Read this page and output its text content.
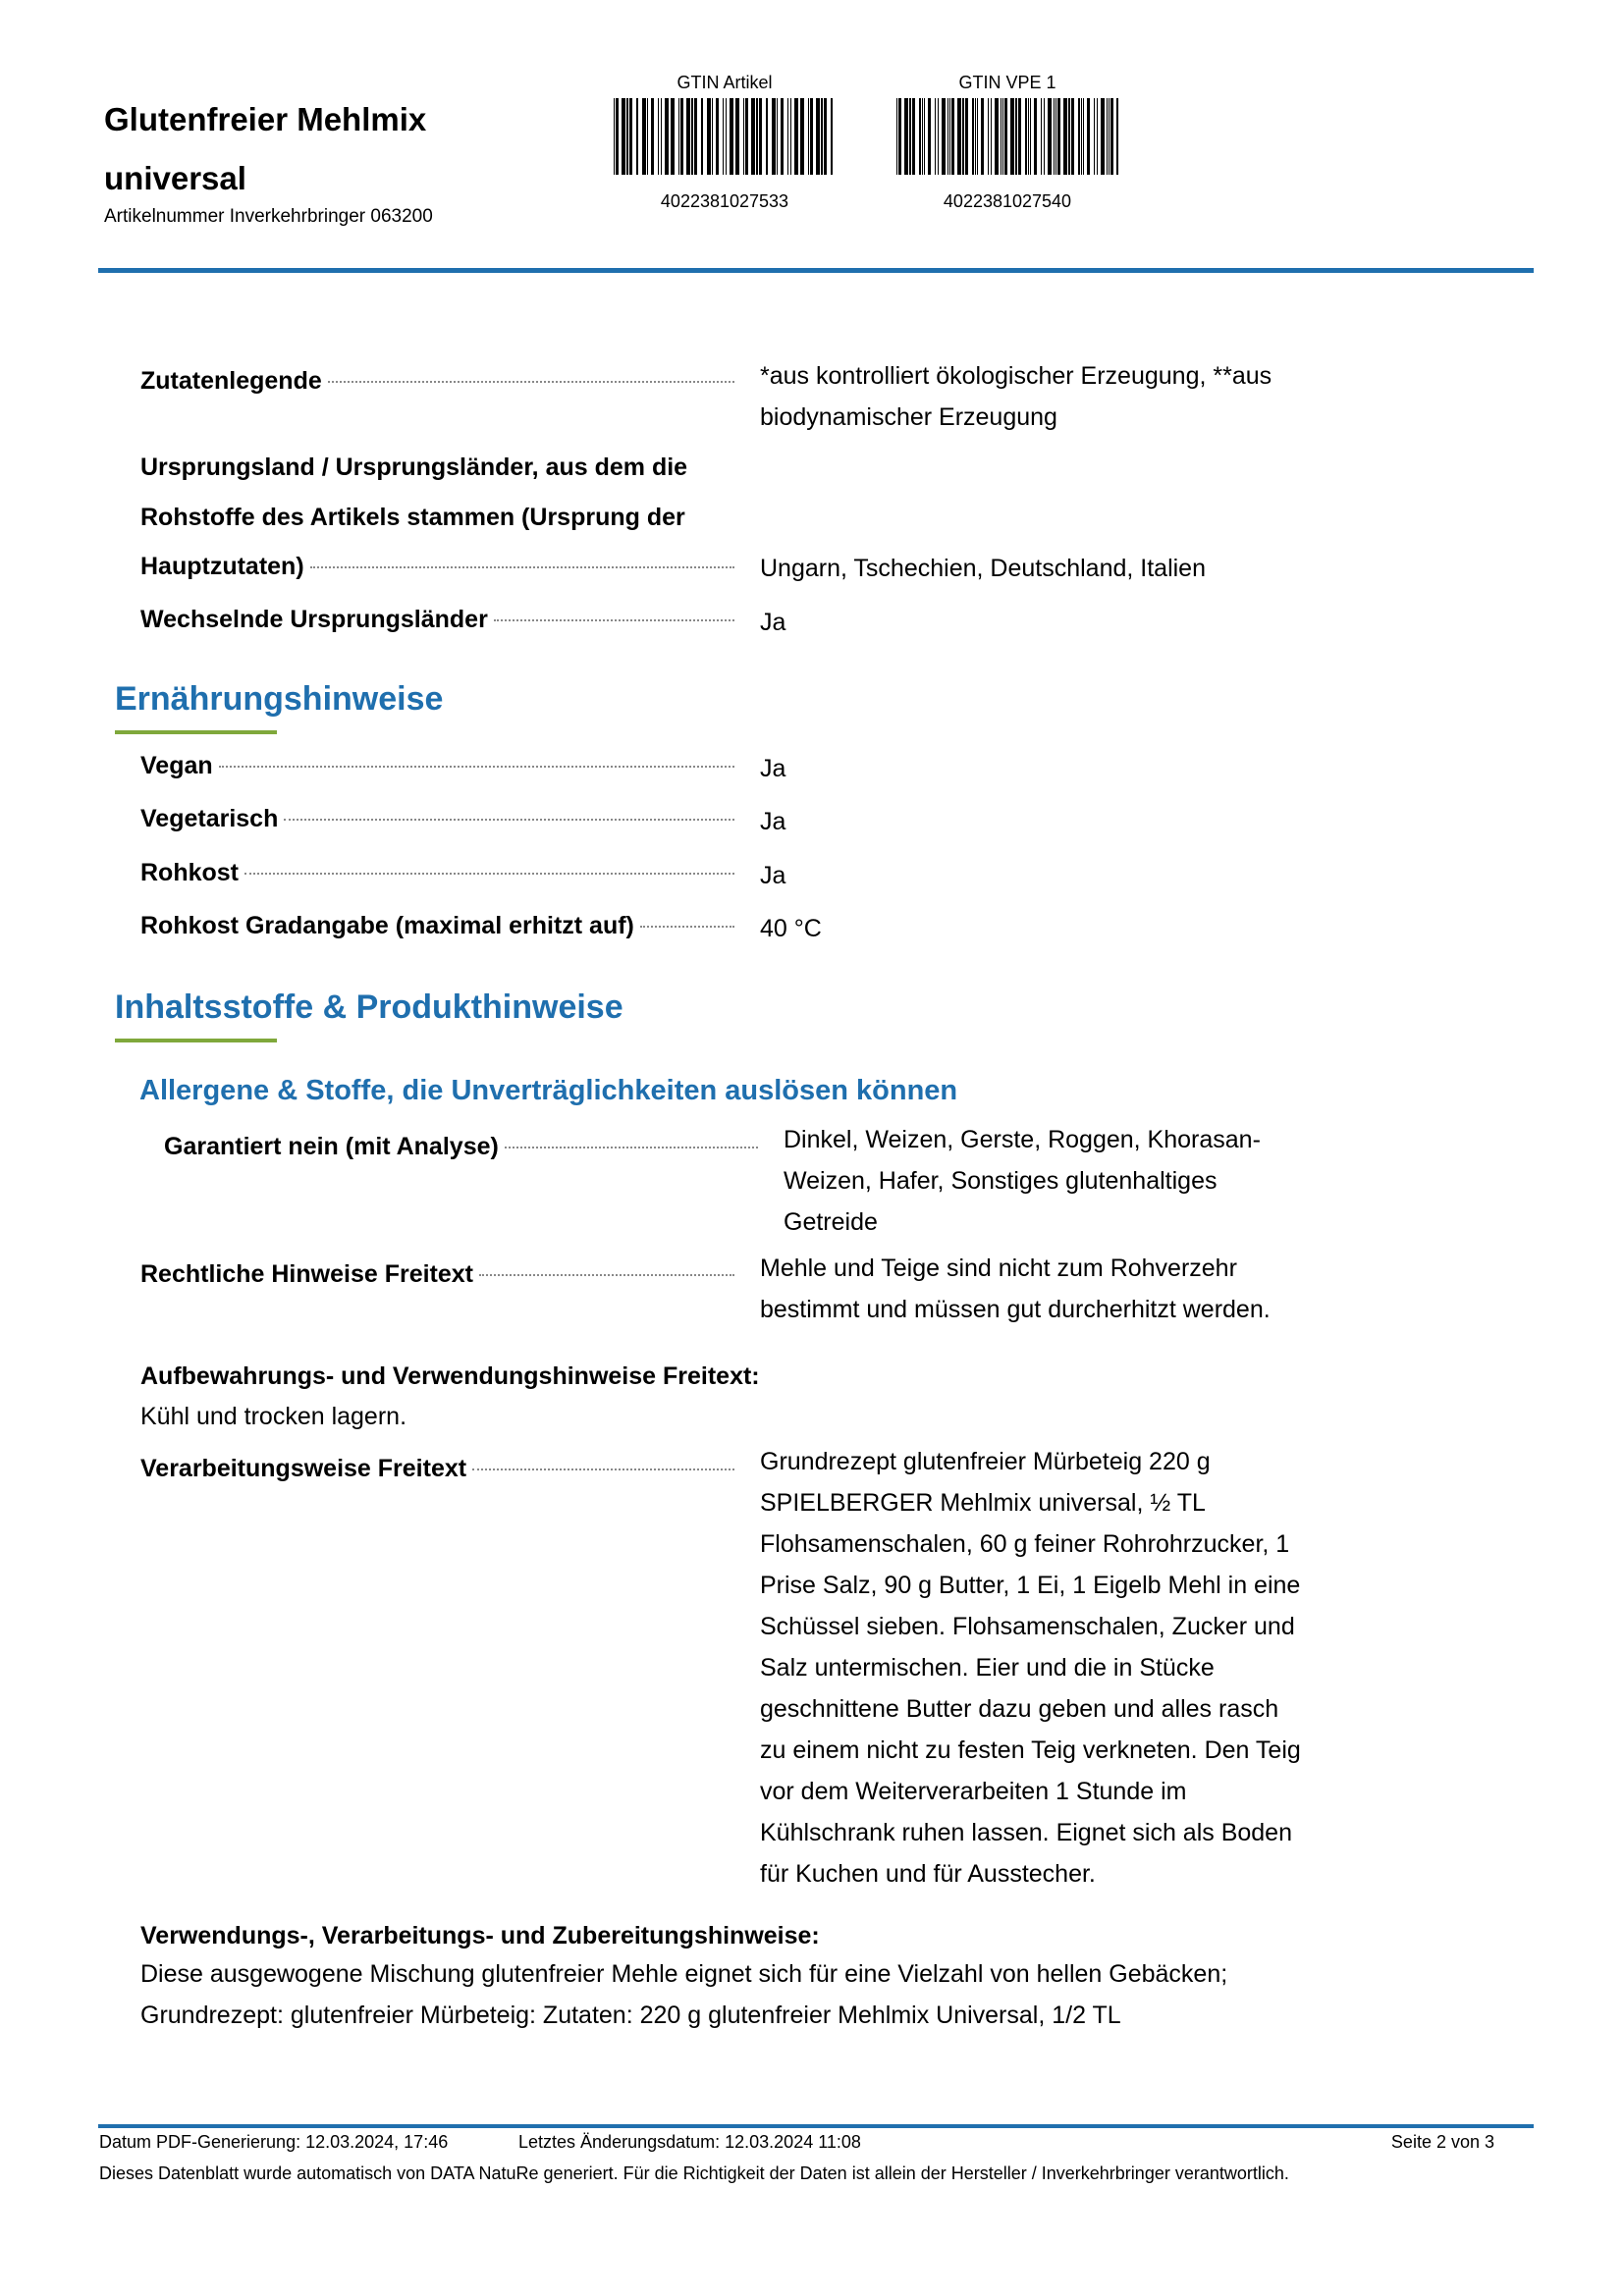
Glutenfreier Mehlmix
universal
Artikelnummer Inverkehrbringer 063200
GTIN Artikel
4022381027533
GTIN VPE 1
4022381027540
Zutatenlegende	*aus kontrolliert ökologischer Erzeugung, **aus
biodynamischer Erzeugung
Ursprungsland / Ursprungsländer, aus dem die
Rohstoffe des Artikels stammen (Ursprung der
Hauptzutaten)	Ungarn, Tschechien, Deutschland, Italien
Wechselnde Ursprungsländer	Ja
Ernährungshinweise
Vegan	Ja
Vegetarisch	Ja
Rohkost	Ja
Rohkost Gradangabe (maximal erhitzt auf)	40 °C
Inhaltsstoffe & Produkthinweise
Allergene & Stoffe, die Unverträglichkeiten auslösen können
Garantiert nein (mit Analyse)	Dinkel, Weizen, Gerste, Roggen, Khorasan-
Weizen, Hafer, Sonstiges glutenhaltiges
Getreide
Rechtliche Hinweise Freitext	Mehle und Teige sind nicht zum Rohverzehr
bestimmt und müssen gut durcherhitzt werden.
Aufbewahrungs- und Verwendungshinweise Freitext:
Kühl und trocken lagern.
Verarbeitungsweise Freitext	Grundrezept glutenfreier Mürbeteig 220 g
SPIELBERGER Mehlmix universal, ½ TL
Flohsamenschalen, 60 g feiner Rohrohrzucker, 1
Prise Salz, 90 g Butter, 1 Ei, 1 Eigelb Mehl in eine
Schüssel sieben. Flohsamenschalen, Zucker und
Salz untermischen. Eier und die in Stücke
geschnittene Butter dazu geben und alles rasch
zu einem nicht zu festen Teig verkneten. Den Teig
vor dem Weiterverarbeiten 1 Stunde im
Kühlschrank ruhen lassen. Eignet sich als Boden
für Kuchen und für Ausstecher.
Verwendungs-, Verarbeitungs- und Zubereitungshinweise:
Diese ausgewogene Mischung glutenfreier Mehle eignet sich für eine Vielzahl von hellen Gebäcken;
Grundrezept: glutenfreier Mürbeteig: Zutaten: 220 g glutenfreier Mehlmix Universal, 1/2 TL
Datum PDF-Generierung: 12.03.2024, 17:46	Letztes Änderungsdatum: 12.03.2024 11:08	Seite 2 von 3
Dieses Datenblatt wurde automatisch von DATA NatuRe generiert. Für die Richtigkeit der Daten ist allein der Hersteller / Inverkehrbringer verantwortlich.
